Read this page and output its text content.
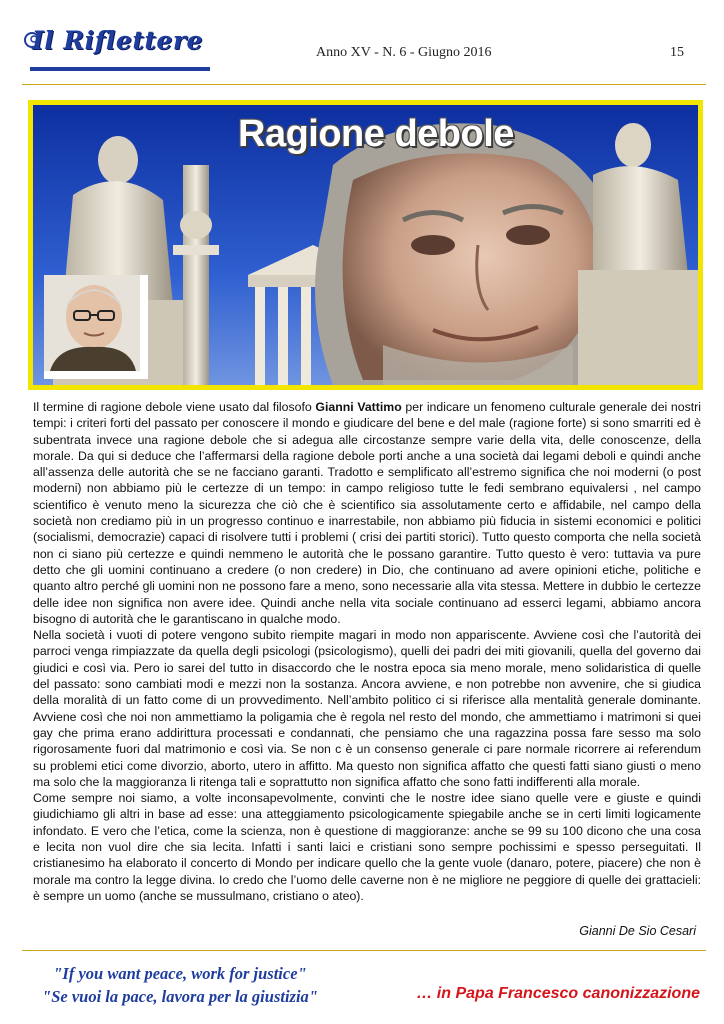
Il Riflettere	Anno XV - N. 6 - Giugno 2016	15
Ragione debole

Il termine di ragione debole viene usato dal filosofo Gianni Vattimo per indicare un fenomeno culturale generale dei nostri tempi: i criteri forti del passato per conoscere il mondo e giudicare del bene e del male (ragione forte) si sono smarriti ed è subentrata invece una ragione debole che si adegua alle circostanze sempre varie della vita, delle conoscenze, della morale. Da qui si deduce che l’affermarsi della ragione debole porti anche a una società dai legami deboli e quindi anche all’assenza delle autorità che se ne facciano garanti. Tradotto e semplificato all’estremo significa che noi moderni (o post moderni) non abbiamo più le certezze di un tempo: in campo religioso tutte le fedi sembrano equivalersi , nel campo scientifico è venuto meno la sicurezza che ciò che è scientifico sia assolutamente certo e affidabile, nel campo della società non crediamo più in un progresso continuo e inarrestabile, non abbiamo più fiducia in sistemi economici e politici (socialismi, democrazie) capaci di risolvere tutti i problemi ( crisi dei partiti storici). Tutto questo comporta che nella società non ci siano più certezze e quindi nemmeno le autorità che le possano garantire. Tutto questo è vero: tuttavia va pure detto che gli uomini continuano a credere (o non credere) in Dio, che continuano ad avere opinioni etiche, politiche e quanto altro perché gli uomini non ne possono fare a meno, sono necessarie alla vita stessa. Mettere in dubbio le certezze delle idee non significa non avere idee. Quindi anche nella vita sociale continuano ad esserci legami, abbiamo ancora bisogno di autorità che le garantiscano in qualche modo.

Nella società i vuoti di potere vengono subito riempite magari in modo non appariscente. Avviene così che l’autorità dei parroci venga rimpiazzate da quella degli psicologi (psicologismo), quelli dei padri dei miti giovanili, quella del governo dai giudici e così via. Pero io sarei del tutto in disaccordo che le nostra epoca sia meno morale, meno solidaristica di quelle del passato: sono cambiati modi e mezzi non la sostanza. Ancora avviene, e non potrebbe non avvenire, che si giudica della moralità di un fatto come di un provvedimento. Nell’ambito politico ci si riferisce alla mentalità generale dominante. Avviene così che noi non ammettiamo la poligamia che è regola nel resto del mondo, che ammettiamo i matrimoni si quei gay che prima erano addirittura processati e condannati, che pensiamo che una ragazzina possa fare sesso ma solo rigorosamente fuori dal matrimonio e così via. Se non c è un consenso generale ci pare normale ricorrere ai referendum su problemi etici come divorzio, aborto, utero in affitto. Ma questo non significa affatto che questi fatti siano giusti o meno ma solo che la maggioranza li ritenga tali e soprattutto non significa affatto che sono fatti indifferenti alla morale.

Come sempre noi siamo, a volte inconsapevolmente, convinti che le nostre idee siano quelle vere e giuste e quindi giudichiamo gli altri in base ad esse: una atteggiamento psicologicamente spiegabile anche se in certi limiti logicamente infondato. E vero che l’etica, come la scienza, non è questione di maggioranze: anche se 99 su 100 dicono che una cosa e lecita non vuol dire che sia lecita. Infatti i santi laici e cristiani sono sempre pochissimi e spesso perseguitati. Il cristianesimo ha elaborato il concerto di Mondo per indicare quello che la gente vuole (danaro, potere, piacere) che non è morale ma contro la legge divina. Io credo che l’uomo delle caverne non è ne migliore ne peggiore di quelle dei grattacieli: è sempre un uomo (anche se mussulmano, cristiano o ateo).

Gianni De Sio Cesari
"If you want peace, work for justice"
"Se vuoi la pace, lavora per la giustizia"	… in Papa Francesco canonizzazione
